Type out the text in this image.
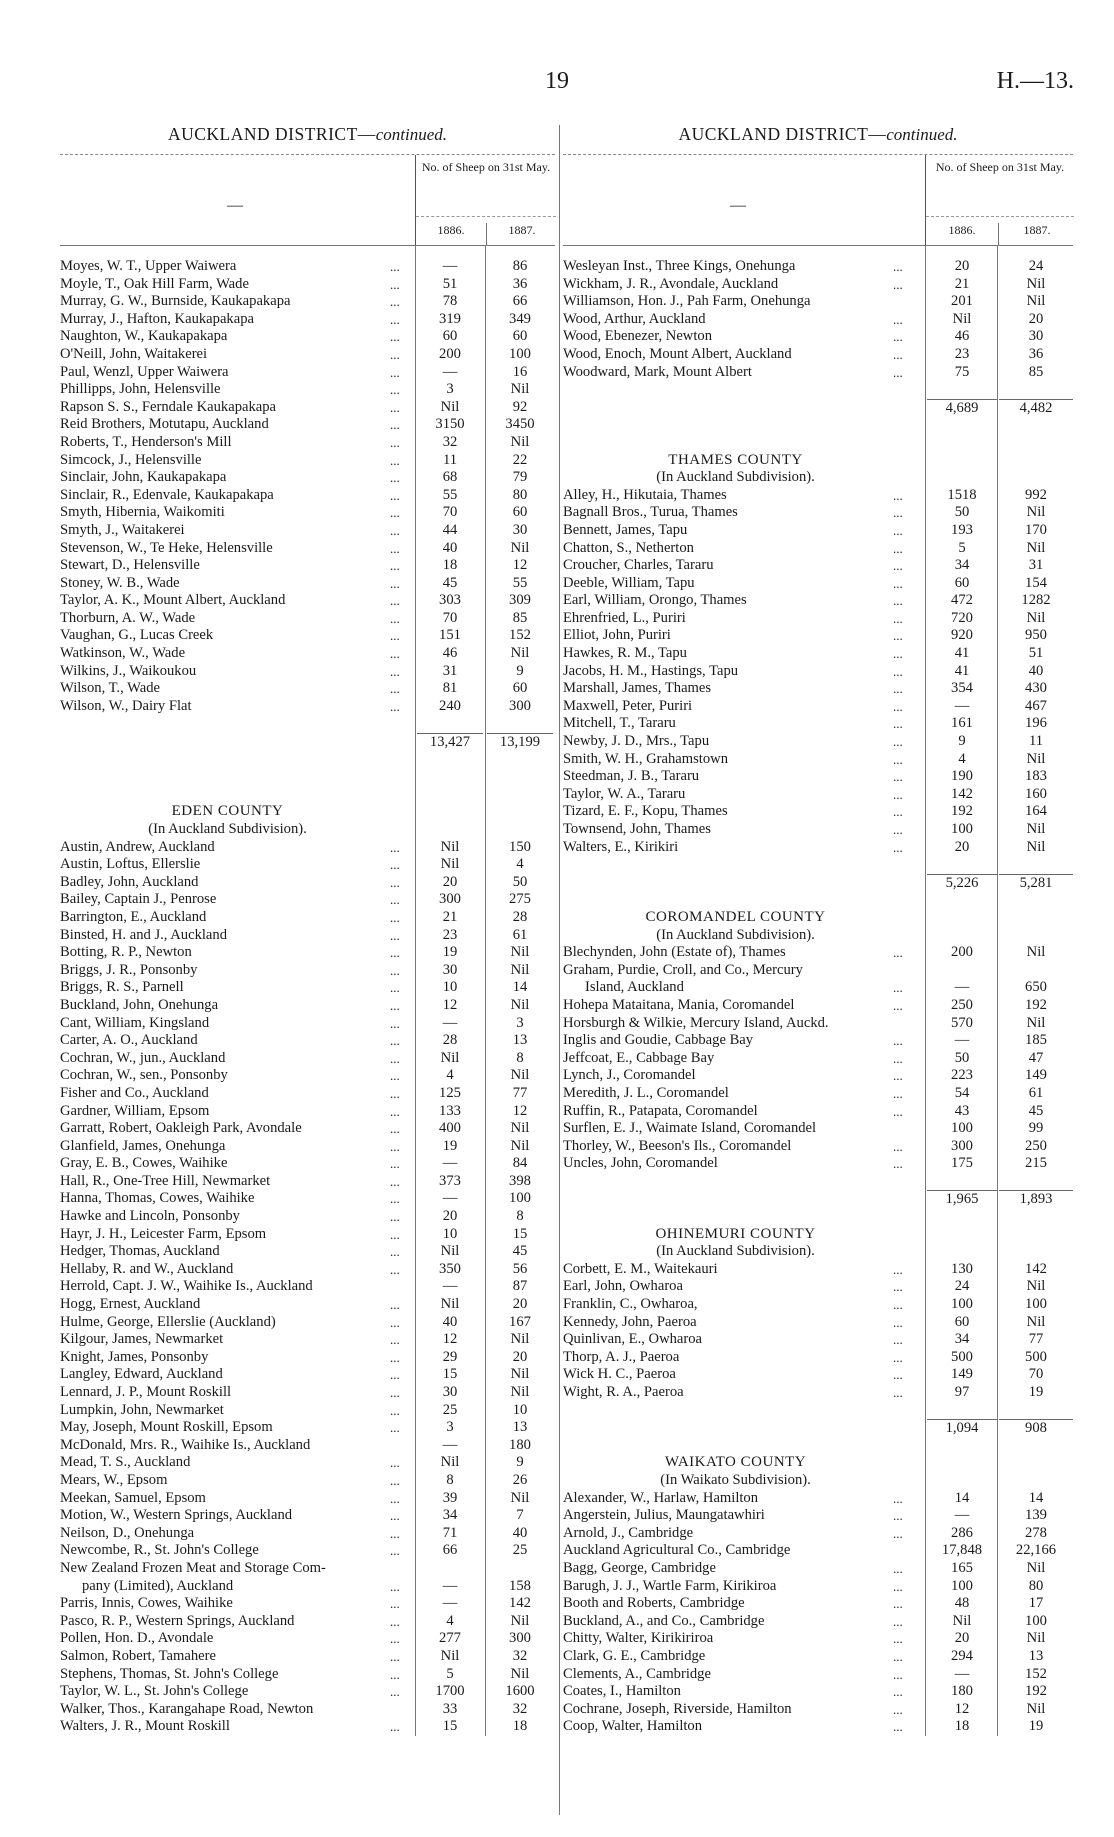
19	H.—13.
AUCKLAND DISTRICT—continued.
—
No. of Sheep on 31st May.
1886.	1887.
Moyes, W. T., Upper Waiwera	...	—	86
Moyle, T., Oak Hill Farm, Wade	...	51	36
Murray, G. W., Burnside, Kaukapakapa	...	78	66
Murray, J., Hafton, Kaukapakapa	...	319	349
Naughton, W., Kaukapakapa	...	60	60
O'Neill, John, Waitakerei	...	200	100
Paul, Wenzl, Upper Waiwera	...	—	16
Phillipps, John, Helensville	...	3	Nil
Rapson S. S., Ferndale Kaukapakapa	...	Nil	92
Reid Brothers, Motutapu, Auckland	...	3150	3450
Roberts, T., Henderson's Mill	...	32	Nil
Simcock, J., Helensville	...	11	22
Sinclair, John, Kaukapakapa	...	68	79
Sinclair, R., Edenvale, Kaukapakapa	...	55	80
Smyth, Hibernia, Waikomiti	...	70	60
Smyth, J., Waitakerei	...	44	30
Stevenson, W., Te Heke, Helensville	...	40	Nil
Stewart, D., Helensville	...	18	12
Stoney, W. B., Wade	...	45	55
Taylor, A. K., Mount Albert, Auckland	...	303	309
Thorburn, A. W., Wade	...	70	85
Vaughan, G., Lucas Creek	...	151	152
Watkinson, W., Wade	...	46	Nil
Wilkins, J., Waikoukou	...	31	9
Wilson, T., Wade	...	81	60
Wilson, W., Dairy Flat	...	240	300
13,427	13,199
EDEN COUNTY
(In Auckland Subdivision).
Austin, Andrew, Auckland	...	Nil	150
Austin, Loftus, Ellerslie	...	Nil	4
Badley, John, Auckland	...	20	50
Bailey, Captain J., Penrose	...	300	275
Barrington, E., Auckland	...	21	28
Binsted, H. and J., Auckland	...	23	61
Botting, R. P., Newton	...	19	Nil
Briggs, J. R., Ponsonby	...	30	Nil
Briggs, R. S., Parnell	...	10	14
Buckland, John, Onehunga	...	12	Nil
Cant, William, Kingsland	...	—	3
Carter, A. O., Auckland	...	28	13
Cochran, W., jun., Auckland	...	Nil	8
Cochran, W., sen., Ponsonby	...	4	Nil
Fisher and Co., Auckland	...	125	77
Gardner, William, Epsom	...	133	12
Garratt, Robert, Oakleigh Park, Avondale	...	400	Nil
Glanfield, James, Onehunga	...	19	Nil
Gray, E. B., Cowes, Waihike	...	—	84
Hall, R., One-Tree Hill, Newmarket	...	373	398
Hanna, Thomas, Cowes, Waihike	...	—	100
Hawke and Lincoln, Ponsonby	...	20	8
Hayr, J. H., Leicester Farm, Epsom	...	10	15
Hedger, Thomas, Auckland	...	Nil	45
Hellaby, R. and W., Auckland	...	350	56
Herrold, Capt. J. W., Waihike Is., Auckland	—	87
Hogg, Ernest, Auckland	...	Nil	20
Hulme, George, Ellerslie (Auckland)	...	40	167
Kilgour, James, Newmarket	...	12	Nil
Knight, James, Ponsonby	...	29	20
Langley, Edward, Auckland	...	15	Nil
Lennard, J. P., Mount Roskill	...	30	Nil
Lumpkin, John, Newmarket	...	25	10
May, Joseph, Mount Roskill, Epsom	...	3	13
McDonald, Mrs. R., Waihike Is., Auckland	—	180
Mead, T. S., Auckland	...	Nil	9
Mears, W., Epsom	...	8	26
Meekan, Samuel, Epsom	...	39	Nil
Motion, W., Western Springs, Auckland	...	34	7
Neilson, D., Onehunga	...	71	40
Newcombe, R., St. John's College	...	66	25
New Zealand Frozen Meat and Storage Com-
pany (Limited), Auckland	...	—	158
Parris, Innis, Cowes, Waihike	...	—	142
Pasco, R. P., Western Springs, Auckland	...	4	Nil
Pollen, Hon. D., Avondale	...	277	300
Salmon, Robert, Tamahere	...	Nil	32
Stephens, Thomas, St. John's College	...	5	Nil
Taylor, W. L., St. John's College	...	1700	1600
Walker, Thos., Karangahape Road, Newton	33	32
Walters, J. R., Mount Roskill	...	15	18
AUCKLAND DISTRICT—continued.
—
No. of Sheep on 31st May.
1886.	1887.
Wesleyan Inst., Three Kings, Onehunga	...	20	24
Wickham, J. R., Avondale, Auckland	...	21	Nil
Williamson, Hon. J., Pah Farm, Onehunga	201	Nil
Wood, Arthur, Auckland	...	Nil	20
Wood, Ebenezer, Newton	...	46	30
Wood, Enoch, Mount Albert, Auckland	...	23	36
Woodward, Mark, Mount Albert	...	75	85
4,689	4,482
THAMES COUNTY
(In Auckland Subdivision).
Alley, H., Hikutaia, Thames	...	1518	992
Bagnall Bros., Turua, Thames	...	50	Nil
Bennett, James, Tapu	...	193	170
Chatton, S., Netherton	...	5	Nil
Croucher, Charles, Tararu	...	34	31
Deeble, William, Tapu	...	60	154
Earl, William, Orongo, Thames	...	472	1282
Ehrenfried, L., Puriri	...	720	Nil
Elliot, John, Puriri	...	920	950
Hawkes, R. M., Tapu	...	41	51
Jacobs, H. M., Hastings, Tapu	...	41	40
Marshall, James, Thames	...	354	430
Maxwell, Peter, Puriri	...	—	467
Mitchell, T., Tararu	...	161	196
Newby, J. D., Mrs., Tapu	...	9	11
Smith, W. H., Grahamstown	...	4	Nil
Steedman, J. B., Tararu	...	190	183
Taylor, W. A., Tararu	...	142	160
Tizard, E. F., Kopu, Thames	...	192	164
Townsend, John, Thames	...	100	Nil
Walters, E., Kirikiri	...	20	Nil
5,226	5,281
COROMANDEL COUNTY
(In Auckland Subdivision).
Blechynden, John (Estate of), Thames	...	200	Nil
Graham, Purdie, Croll, and Co., Mercury
Island, Auckland	...	—	650
Hohepa Mataitana, Mania, Coromandel	...	250	192
Horsburgh & Wilkie, Mercury Island, Auckd.	570	Nil
Inglis and Goudie, Cabbage Bay	...	—	185
Jeffcoat, E., Cabbage Bay	...	50	47
Lynch, J., Coromandel	...	223	149
Meredith, J. L., Coromandel	...	54	61
Ruffin, R., Patapata, Coromandel	...	43	45
Surflen, E. J., Waimate Island, Coromandel	100	99
Thorley, W., Beeson's Ils., Coromandel	...	300	250
Uncles, John, Coromandel	...	175	215
1,965	1,893
OHINEMURI COUNTY
(In Auckland Subdivision).
Corbett, E. M., Waitekauri	...	130	142
Earl, John, Owharoa	...	24	Nil
Franklin, C., Owharoa,	...	100	100
Kennedy, John, Paeroa	...	60	Nil
Quinlivan, E., Owharoa	...	34	77
Thorp, A. J., Paeroa	...	500	500
Wick H. C., Paeroa	...	149	70
Wight, R. A., Paeroa	...	97	19
1,094	908
WAIKATO COUNTY
(In Waikato Subdivision).
Alexander, W., Harlaw, Hamilton	...	14	14
Angerstein, Julius, Maungatawhiri	...	—	139
Arnold, J., Cambridge	...	286	278
Auckland Agricultural Co., Cambridge	17,848	22,166
Bagg, George, Cambridge	...	165	Nil
Barugh, J. J., Wartle Farm, Kirikiroa	...	100	80
Booth and Roberts, Cambridge	...	48	17
Buckland, A., and Co., Cambridge	...	Nil	100
Chitty, Walter, Kirikiriroa	...	20	Nil
Clark, G. E., Cambridge	...	294	13
Clements, A., Cambridge	...	—	152
Coates, I., Hamilton	...	180	192
Cochrane, Joseph, Riverside, Hamilton	...	12	Nil
Coop, Walter, Hamilton	...	18	19
